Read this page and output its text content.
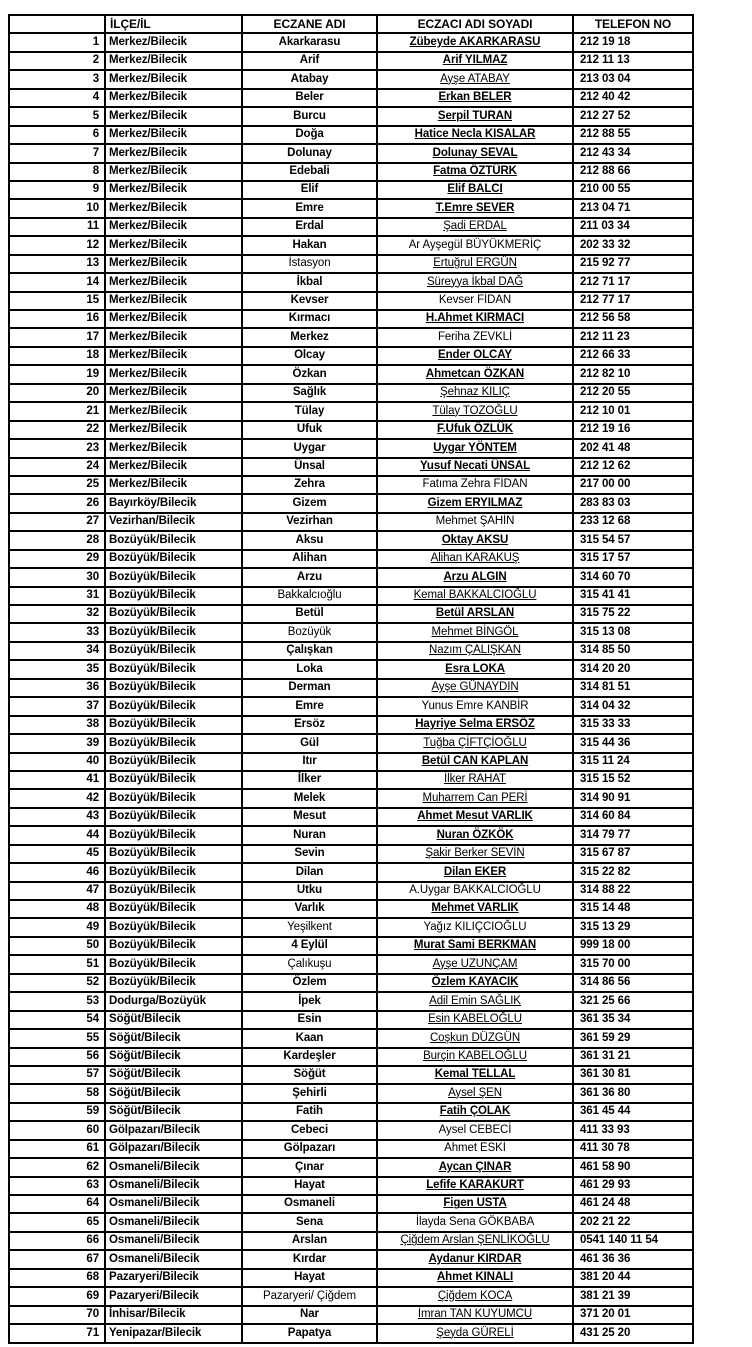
	İLÇE/İL	ECZANE ADI	ECZACI ADI SOYADI	TELEFON NO
1	Merkez/Bilecik	Akarkarasu	Zübeyde AKARKARASU	212 19 18
2	Merkez/Bilecik	Arif	Arif YILMAZ	212 11 13
3	Merkez/Bilecik	Atabay	Ayşe ATABAY	213 03 04
4	Merkez/Bilecik	Beler	Erkan BELER	212 40 42
5	Merkez/Bilecik	Burcu	Serpil TURAN	212 27 52
6	Merkez/Bilecik	Doğa	Hatice Necla KISALAR	212 88 55
7	Merkez/Bilecik	Dolunay	Dolunay SEVAL	212 43 34
8	Merkez/Bilecik	Edebali	Fatma ÖZTÜRK	212 88 66
9	Merkez/Bilecik	Elif	Elif BALCI	210 00 55
10	Merkez/Bilecik	Emre	T.Emre SEVER	213 04 71
11	Merkez/Bilecik	Erdal	Şadi ERDAL	211 03 34
12	Merkez/Bilecik	Hakan	Ar Ayşegül BÜYÜKMERİÇ	202 33 32
13	Merkez/Bilecik	İstasyon	Ertuğrul ERGÜN	215 92 77
14	Merkez/Bilecik	İkbal	Süreyya İkbal DAĞ	212 71 17
15	Merkez/Bilecik	Kevser	Kevser FİDAN	212 77 17
16	Merkez/Bilecik	Kırmacı	H.Ahmet KIRMACI	212 56 58
17	Merkez/Bilecik	Merkez	Feriha ZEVKLİ	212 11 23
18	Merkez/Bilecik	Olcay	Ender OLCAY	212 66 33
19	Merkez/Bilecik	Özkan	Ahmetcan ÖZKAN	212 82 10
20	Merkez/Bilecik	Sağlık	Şehnaz KILIÇ	212 20 55
21	Merkez/Bilecik	Tülay	Tülay TOZOĞLU	212 10 01
22	Merkez/Bilecik	Ufuk	F.Ufuk ÖZLÜK	212 19 16
23	Merkez/Bilecik	Uygar	Uygar YÖNTEM	202 41 48
24	Merkez/Bilecik	Ünsal	Yusuf Necati ÜNSAL	212 12 62
25	Merkez/Bilecik	Zehra	Fatıma Zehra FİDAN	217 00 00
26	Bayırköy/Bilecik	Gizem	Gizem ERYILMAZ	283 83 03
27	Vezirhan/Bilecik	Vezirhan	Mehmet ŞAHİN	233 12 68
28	Bozüyük/Bilecik	Aksu	Oktay AKSU	315 54 57
29	Bozüyük/Bilecik	Alihan	Alihan KARAKUŞ	315 17 57
30	Bozüyük/Bilecik	Arzu	Arzu ALGIN	314 60 70
31	Bozüyük/Bilecik	Bakkalcıoğlu	Kemal BAKKALCIOĞLU	315 41 41
32	Bozüyük/Bilecik	Betül	Betül ARSLAN	315 75 22
33	Bozüyük/Bilecik	Bozüyük	Mehmet BİNGÖL	315 13 08
34	Bozüyük/Bilecik	Çalışkan	Nazım ÇALIŞKAN	314 85 50
35	Bozüyük/Bilecik	Loka	Esra LOKA	314 20 20
36	Bozüyük/Bilecik	Derman	Ayşe GÜNAYDIN	314 81 51
37	Bozüyük/Bilecik	Emre	Yunus Emre KANBİR	314 04 32
38	Bozüyük/Bilecik	Ersöz	Hayriye Selma ERSÖZ	315 33 33
39	Bozüyük/Bilecik	Gül	Tuğba ÇİFTÇİOĞLU	315 44 36
40	Bozüyük/Bilecik	Itır	Betül CAN KAPLAN	315 11 24
41	Bozüyük/Bilecik	İlker	İlker RAHAT	315 15 52
42	Bozüyük/Bilecik	Melek	Muharrem Can PERİ	314 90 91
43	Bozüyük/Bilecik	Mesut	Ahmet Mesut VARLIK	314 60 84
44	Bozüyük/Bilecik	Nuran	Nuran ÖZKÖK	314 79 77
45	Bozüyük/Bilecik	Sevin	Şakir Berker SEVİN	315 67 87
46	Bozüyük/Bilecik	Dilan	Dilan EKER	315 22 82
47	Bozüyük/Bilecik	Utku	A.Uygar BAKKALCIOĞLU	314 88 22
48	Bozüyük/Bilecik	Varlık	Mehmet VARLIK	315 14 48
49	Bozüyük/Bilecik	Yeşilkent	Yağız KILIÇCIOĞLU	315 13 29
50	Bozüyük/Bilecik	4 Eylül	Murat Sami BERKMAN	999 18 00
51	Bozüyük/Bilecik	Çalıkuşu	Ayşe UZUNÇAM	315 70 00
52	Bozüyük/Bilecik	Özlem	Özlem KAYACIK	314 86 56
53	Dodurga/Bozüyük	İpek	Adil Emin SAĞLIK	321 25 66
54	Söğüt/Bilecik	Esin	Esin KABELOĞLU	361 35 34
55	Söğüt/Bilecik	Kaan	Coşkun DÜZGÜN	361 59 29
56	Söğüt/Bilecik	Kardeşler	Burçin KABELOĞLU	361 31 21
57	Söğüt/Bilecik	Söğüt	Kemal TELLAL	361 30 81
58	Söğüt/Bilecik	Şehirli	Aysel ŞEN	361 36 80
59	Söğüt/Bilecik	Fatih	Fatih ÇOLAK	361 45 44
60	Gölpazarı/Bilecik	Cebeci	Aysel CEBECİ	411 33 93
61	Gölpazarı/Bilecik	Gölpazarı	Ahmet ESKİ	411 30 78
62	Osmaneli/Bilecik	Çınar	Aycan ÇINAR	461 58 90
63	Osmaneli/Bilecik	Hayat	Lefife KARAKURT	461 29 93
64	Osmaneli/Bilecik	Osmaneli	Figen USTA	461 24 48
65	Osmaneli/Bilecik	Sena	İlayda Sena GÖKBABA	202 21 22
66	Osmaneli/Bilecik	Arslan	Çiğdem Arslan ŞENLİKOĞLU	0541 140 11 54
67	Osmaneli/Bilecik	Kırdar	Aydanur KIRDAR	461 36 36
68	Pazaryeri/Bilecik	Hayat	Ahmet KINALI	381 20 44
69	Pazaryeri/Bilecik	Pazaryeri/ Çiğdem	Çiğdem KOCA	381 21 39
70	İnhisar/Bilecik	Nar	İmran TAN KUYUMCU	371 20 01
71	Yenipazar/Bilecik	Papatya	Şeyda GÜRELİ	431 25 20
